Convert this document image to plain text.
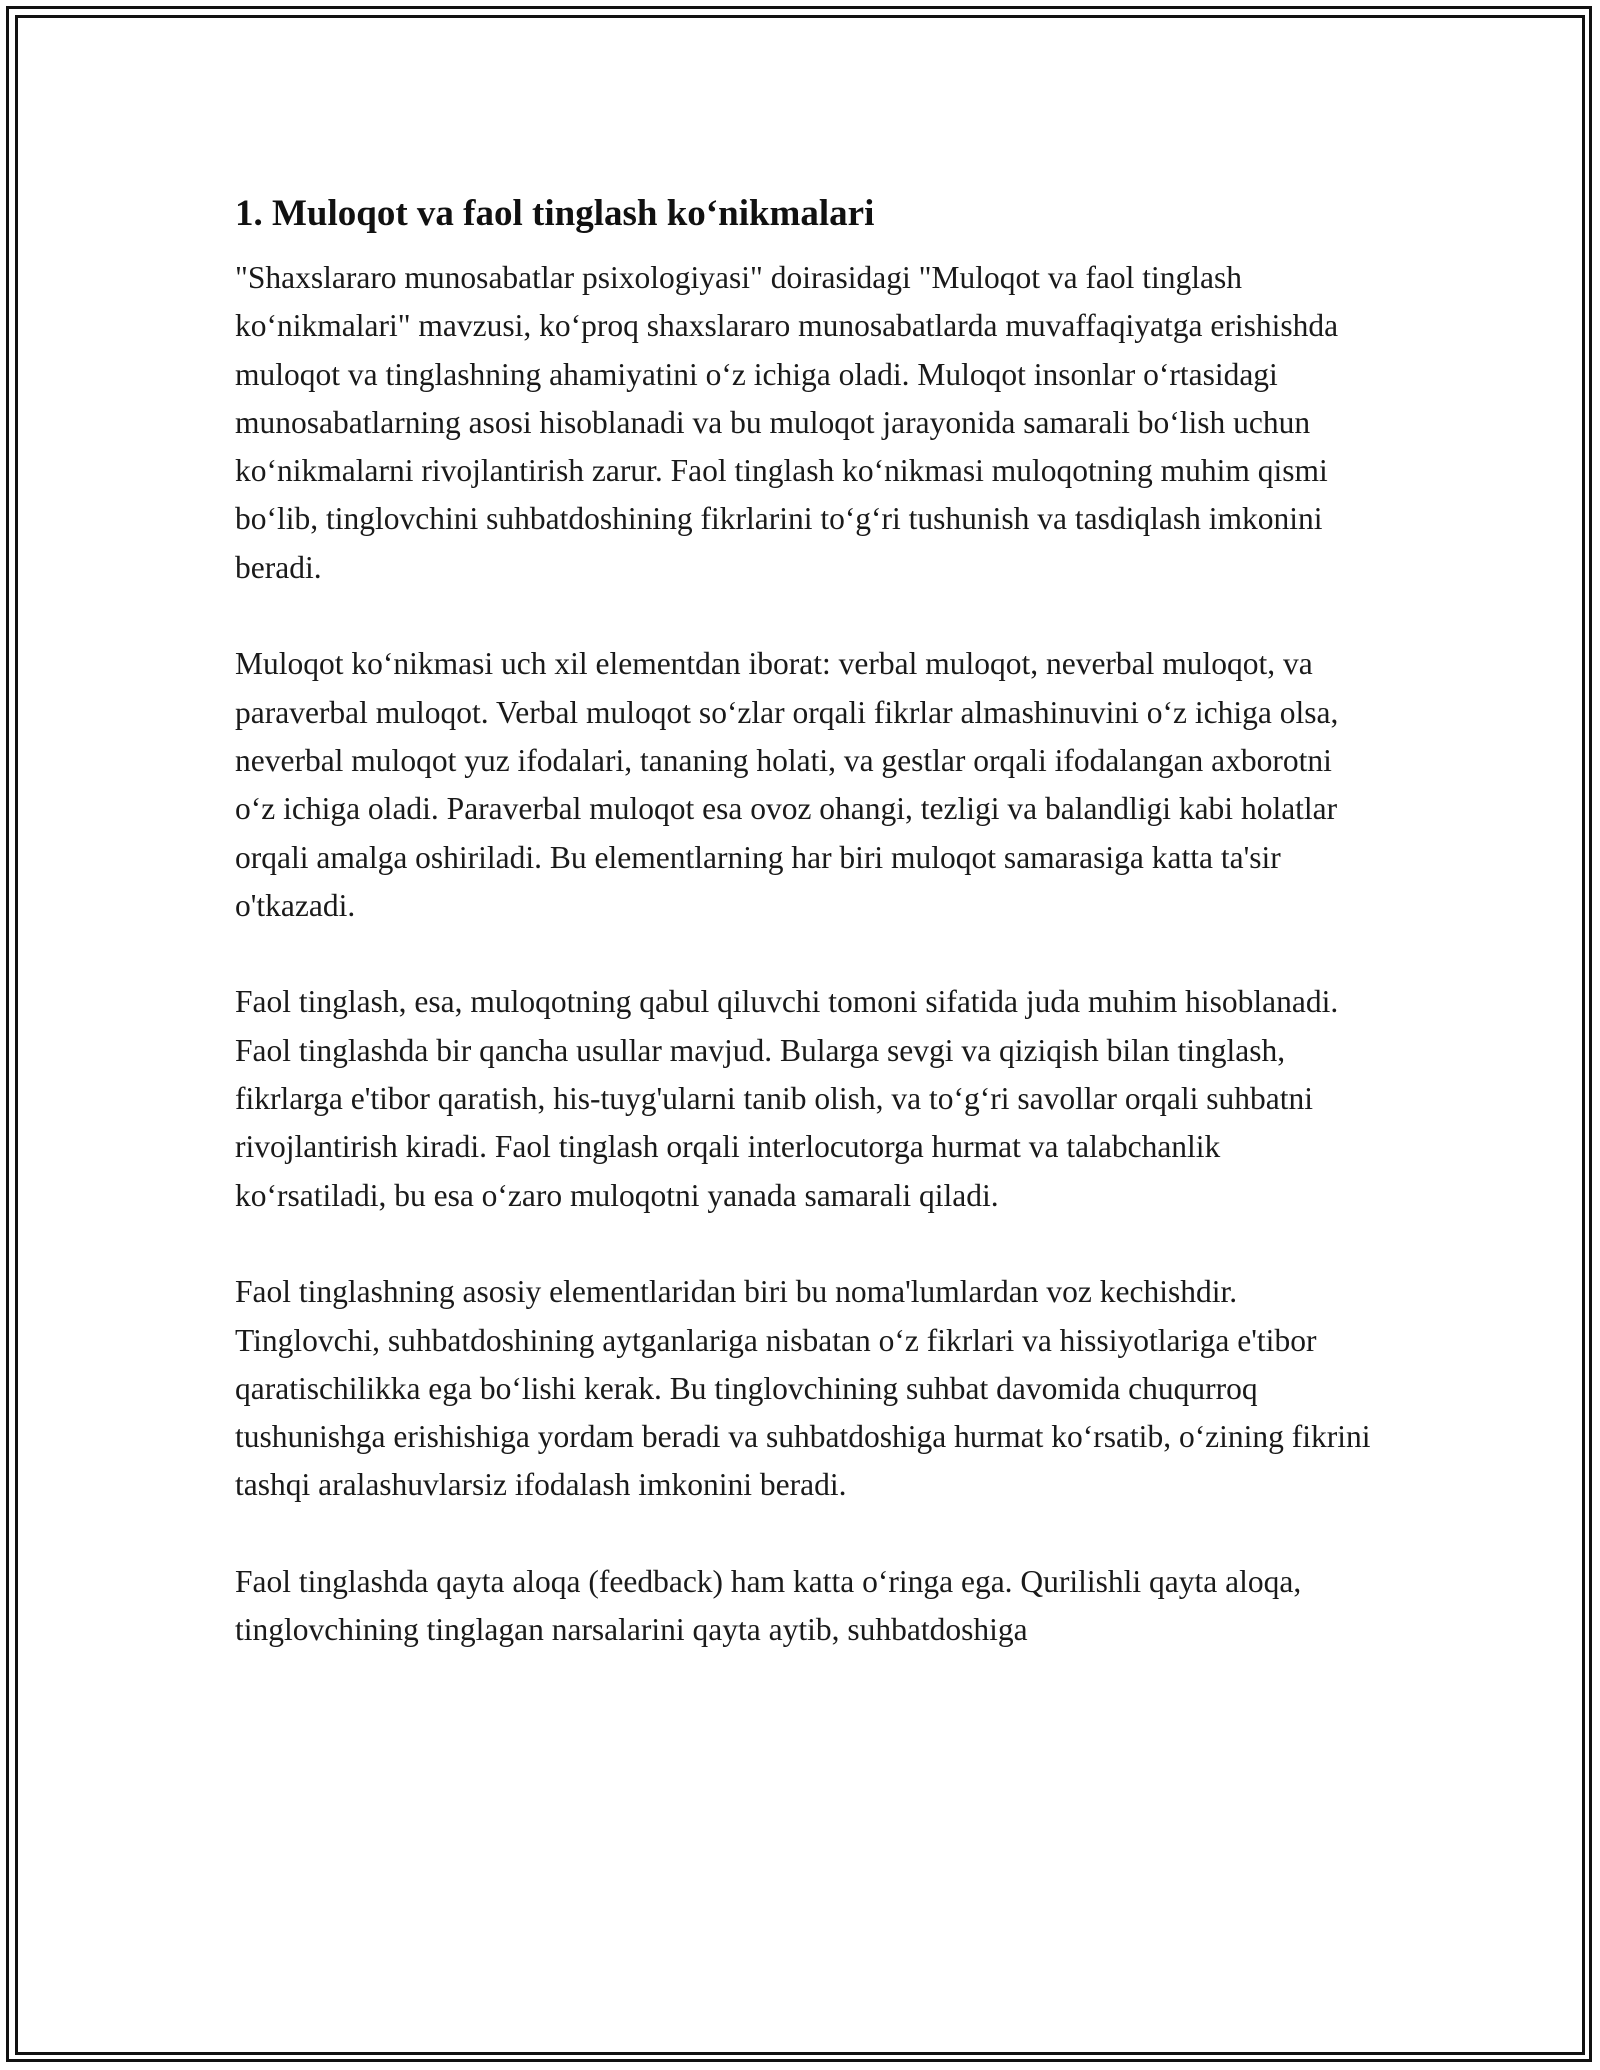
1. Muloqot va faol tinglash ko‘nikmalari

"Shaxslararo munosabatlar psixologiyasi" doirasidagi "Muloqot va faol tinglash ko‘nikmalari" mavzusi, ko‘proq shaxslararo munosabatlarda muvaffaqiyatga erishishda muloqot va tinglashning ahamiyatini o‘z ichiga oladi. Muloqot insonlar o‘rtasidagi munosabatlarning asosi hisoblanadi va bu muloqot jarayonida samarali bo‘lish uchun ko‘nikmalarni rivojlantirish zarur. Faol tinglash ko‘nikmasi muloqotning muhim qismi bo‘lib, tinglovchini suhbatdoshining fikrlarini to‘g‘ri tushunish va tasdiqlash imkonini beradi.

Muloqot ko‘nikmasi uch xil elementdan iborat: verbal muloqot, neverbal muloqot, va paraverbal muloqot. Verbal muloqot so‘zlar orqali fikrlar almashinuvini o‘z ichiga olsa, neverbal muloqot yuz ifodalari, tananing holati, va gestlar orqali ifodalangan axborotni o‘z ichiga oladi. Paraverbal muloqot esa ovoz ohangi, tezligi va balandligi kabi holatlar orqali amalga oshiriladi. Bu elementlarning har biri muloqot samarasiga katta ta'sir o'tkazadi.

Faol tinglash, esa, muloqotning qabul qiluvchi tomoni sifatida juda muhim hisoblanadi. Faol tinglashda bir qancha usullar mavjud. Bularga sevgi va qiziqish bilan tinglash, fikrlarga e'tibor qaratish, his-tuyg'ularni tanib olish, va to‘g‘ri savollar orqali suhbatni rivojlantirish kiradi. Faol tinglash orqali interlocutorga hurmat va talabchanlik ko‘rsatiladi, bu esa o‘zaro muloqotni yanada samarali qiladi.

Faol tinglashning asosiy elementlaridan biri bu noma'lumlardan voz kechishdir. Tinglovchi, suhbatdoshining aytganlariga nisbatan o‘z fikrlari va hissiyotlariga e'tibor qaratischilikka ega bo‘lishi kerak. Bu tinglovchining suhbat davomida chuqurroq tushunishga erishishiga yordam beradi va suhbatdoshiga hurmat ko‘rsatib, o‘zining fikrini tashqi aralashuvlarsiz ifodalash imkonini beradi.

Faol tinglashda qayta aloqa (feedback) ham katta o‘ringa ega. Qurilishli qayta aloqa, tinglovchining tinglagan narsalarini qayta aytib, suhbatdoshiga
